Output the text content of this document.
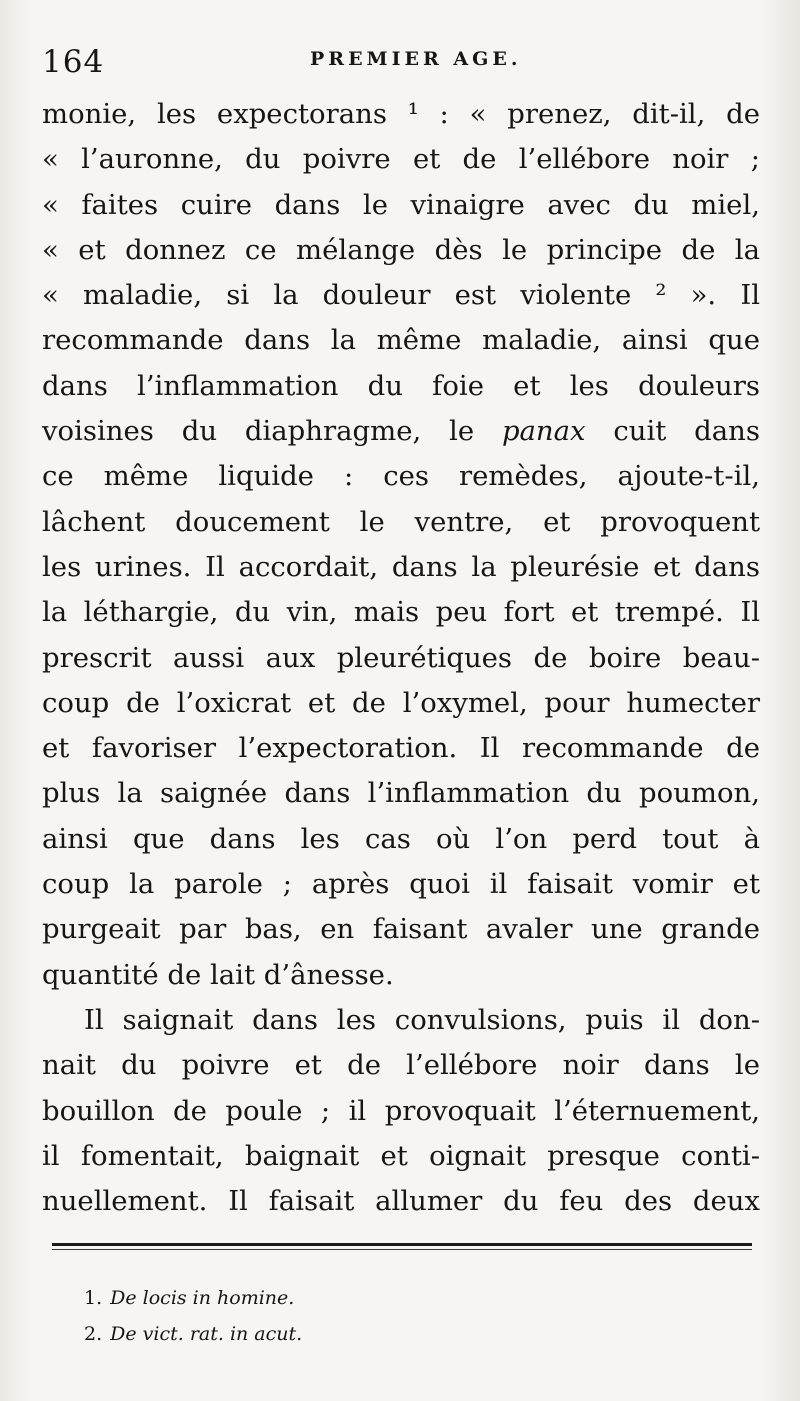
164	PREMIER AGE.
monie, les expectorans ¹ : « prenez, dit-il, de
« l’auronne, du poivre et de l’ellébore noir ;
« faites cuire dans le vinaigre avec du miel,
« et donnez ce mélange dès le principe de la
« maladie, si la douleur est violente ² ». Il
recommande dans la même maladie, ainsi que
dans l’inflammation du foie et les douleurs
voisines du diaphragme, le panax cuit dans
ce même liquide : ces remèdes, ajoute-t-il,
lâchent doucement le ventre, et provoquent
les urines. Il accordait, dans la pleurésie et dans
la léthargie, du vin, mais peu fort et trempé. Il
prescrit aussi aux pleurétiques de boire beau-
coup de l’oxicrat et de l’oxymel, pour humecter
et favoriser l’expectoration. Il recommande de
plus la saignée dans l’inflammation du poumon,
ainsi que dans les cas où l’on perd tout à
coup la parole ; après quoi il faisait vomir et
purgeait par bas, en faisant avaler une grande
quantité de lait d’ânesse.
Il saignait dans les convulsions, puis il don-
nait du poivre et de l’ellébore noir dans le
bouillon de poule ; il provoquait l’éternuement,
il fomentait, baignait et oignait presque conti-
nuellement. Il faisait allumer du feu des deux
1. De locis in homine.
2. De vict. rat. in acut.
